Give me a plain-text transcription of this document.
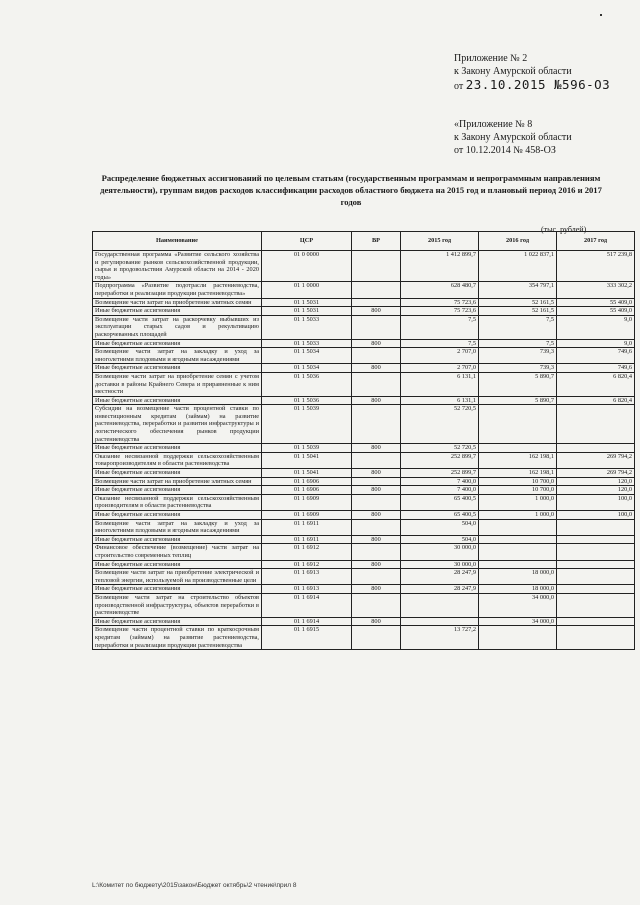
Приложение № 2
к Закону Амурской области
от 23.10.2015 №596-ОЗ
«Приложение № 8
к Закону Амурской области
от 10.12.2014 № 458-ОЗ
Распределение бюджетных ассигнований по целевым статьям (государственным программам и непрограммным направлениям деятельности), группам видов расходов классификации расходов областного бюджета на 2015 год и плановый период 2016 и 2017 годов
(тыс. рублей)
Наименование	ЦСР	ВР	2015 год	2016 год	2017 год
Государственная программа «Развитие сельского хозяйства и регулирование рынков сельскохозяйственной продукции, сырья и продовольствия Амурской области на 2014 - 2020 годы»	01 0 0000		1 412 899,7	1 022 837,1	517 239,8
Подпрограмма «Развитие подотрасли растениеводства, переработки и реализации продукции растениеводства»	01 1 0000		628 480,7	354 797,1	333 302,2
Возмещение части затрат на приобретение элитных семян	01 1 5031		75 723,6	52 161,5	55 409,0
Иные бюджетные ассигнования	01 1 5031	800	75 723,6	52 161,5	55 409,0
Возмещение части затрат на раскорчевку выбывших из эксплуатации старых садов и рекультивацию раскорчеванных площадей	01 1 5033		7,5	7,5	9,0
Иные бюджетные ассигнования	01 1 5033	800	7,5	7,5	9,0
Возмещение части затрат на закладку и уход за многолетними плодовыми и ягодными насаждениями	01 1 5034		2 707,0	739,3	749,6
Иные бюджетные ассигнования	01 1 5034	800	2 707,0	739,3	749,6
Возмещение части затрат на приобретение семян с учетом доставки в районы Крайнего Севера и приравненные к ним местности	01 1 5036		6 131,1	5 890,7	6 820,4
Иные бюджетные ассигнования	01 1 5036	800	6 131,1	5 890,7	6 820,4
Субсидии на возмещение части процентной ставки по инвестиционным кредитам (займам) на развитие растениеводства, переработки и развития инфраструктуры и логистического обеспечения рынков продукции растениеводства	01 1 5039		52 720,5		
Иные бюджетные ассигнования	01 1 5039	800	52 720,5		
Оказание несвязанной поддержки сельскохозяйственным товаропроизводителям в области растениеводства	01 1 5041		252 899,7	162 198,1	269 794,2
Иные бюджетные ассигнования	01 1 5041	800	252 899,7	162 198,1	269 794,2
Возмещение части затрат на приобретение элитных семян	01 1 6906		7 400,0	10 700,0	120,0
Иные бюджетные ассигнования	01 1 6906	800	7 400,0	10 700,0	120,0
Оказание несвязанной поддержки сельскохозяйственным производителям в области растениеводства	01 1 6909		65 400,5	1 000,0	100,0
Иные бюджетные ассигнования	01 1 6909	800	65 400,5	1 000,0	100,0
Возмещение части затрат на закладку и уход за многолетними плодовыми и ягодными насаждениями	01 1 6911		504,0		
Иные бюджетные ассигнования	01 1 6911	800	504,0		
Финансовое обеспечение (возмещение) части затрат на строительство современных теплиц	01 1 6912		30 000,0		
Иные бюджетные ассигнования	01 1 6912	800	30 000,0		
Возмещение части затрат на приобретение электрической и тепловой энергии, используемой на производственные цели	01 1 6913		28 247,9	18 000,0	
Иные бюджетные ассигнования	01 1 6913	800	28 247,9	18 000,0	
Возмещение части затрат на строительство объектов производственной инфраструктуры, объектов переработки в растениеводстве	01 1 6914			34 000,0	
Иные бюджетные ассигнования	01 1 6914	800		34 000,0	
Возмещение части процентной ставки по краткосрочным кредитам (займам) на развитие растениеводства, переработки и реализации продукции растениеводства	01 1 6915		13 727,2		
L:\Комитет по бюджету\2015\закон\Бюджет октябрь\2 чтение\прил 8
